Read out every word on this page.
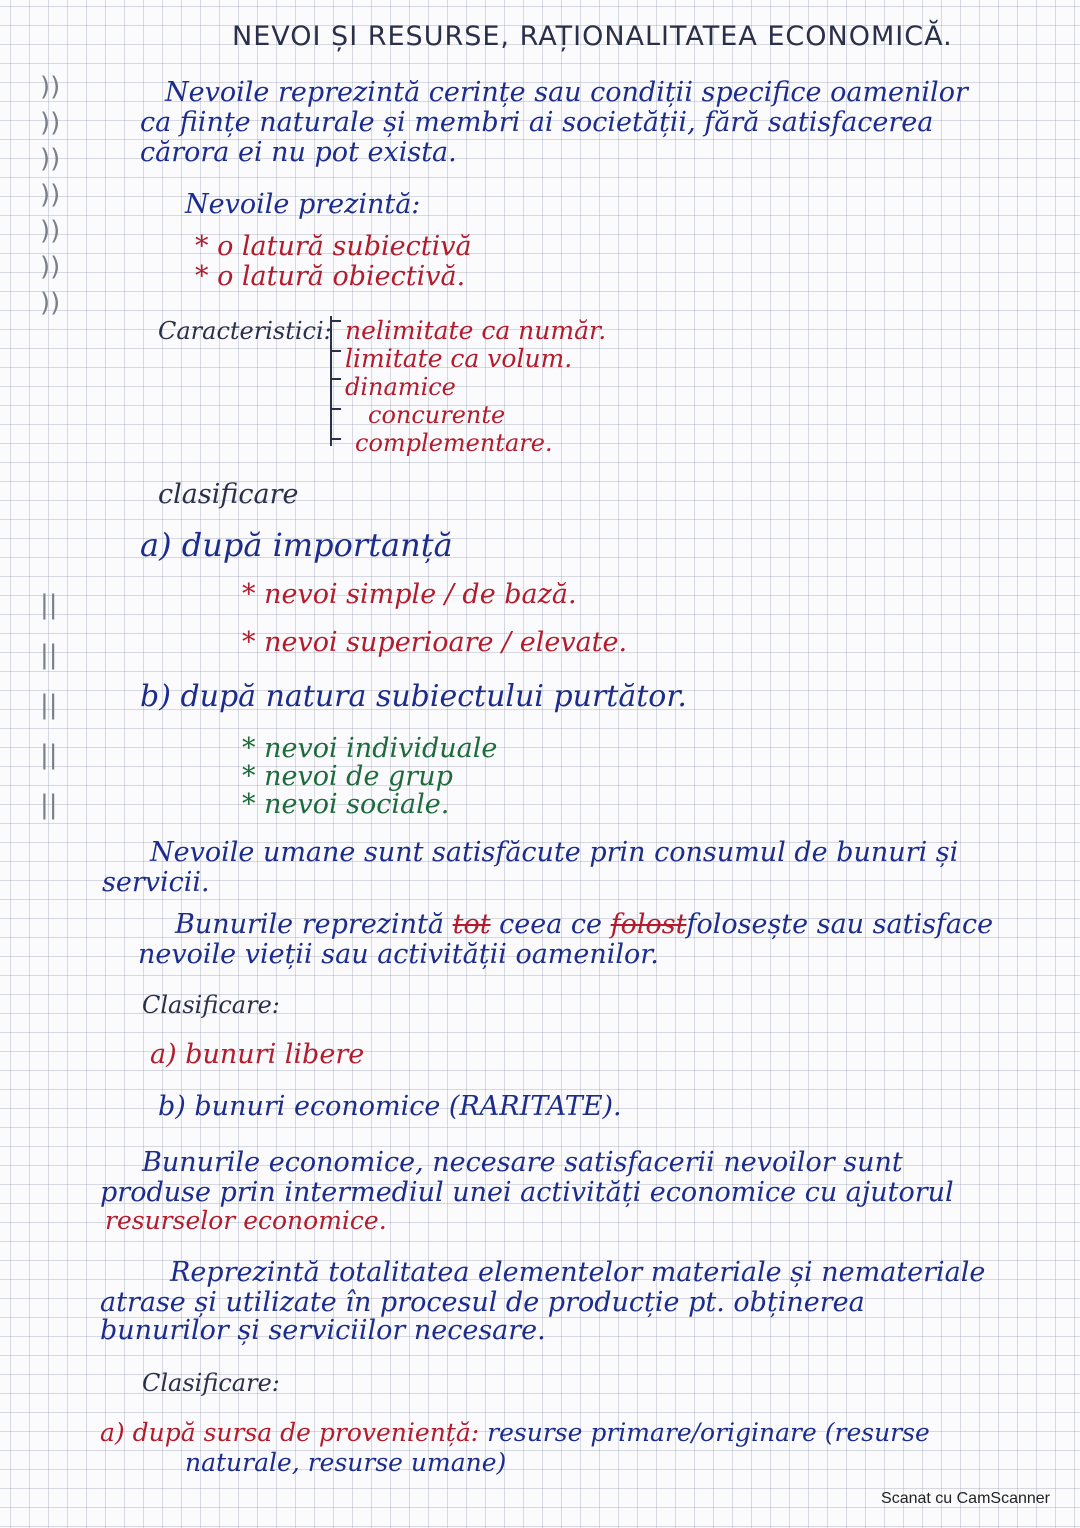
))
))
))
))
))
))
))
||
||
||
||
||
NEVOI ȘI RESURSE, RAȚIONALITATEA ECONOMICĂ.
Nevoile reprezintă cerințe sau condiții specifice oamenilor
ca ființe naturale și membri ai societății, fără satisfacerea
cărora ei nu pot exista.
Nevoile prezintă:
* o latură subiectivă
* o latură obiectivă.
Caracteristici: nelimitate ca număr.
limitate ca volum.
dinamice
concurente
complementare.
clasificare
a) după importanță
* nevoi simple / de bază.
* nevoi superioare / elevate.
b) după natura subiectului purtător.
* nevoi individuale
* nevoi de grup
* nevoi sociale.
Nevoile umane sunt satisfăcute prin consumul de bunuri și
servicii.
Bunurile reprezintă tot ceea ce folostfolosește sau satisface
nevoile vieții sau activității oamenilor.
Clasificare:
a) bunuri libere
b) bunuri economice (RARITATE).
Bunurile economice, necesare satisfacerii nevoilor sunt
produse prin intermediul unei activități economice cu ajutorul
resurselor economice.
Reprezintă totalitatea elementelor materiale și nemateriale
atrase și utilizate în procesul de producție pt. obținerea
bunurilor și serviciilor necesare.
Clasificare:
a) după sursa de proveniență: resurse primare/originare (resurse
naturale, resurse umane)
Scanat cu CamScanner
